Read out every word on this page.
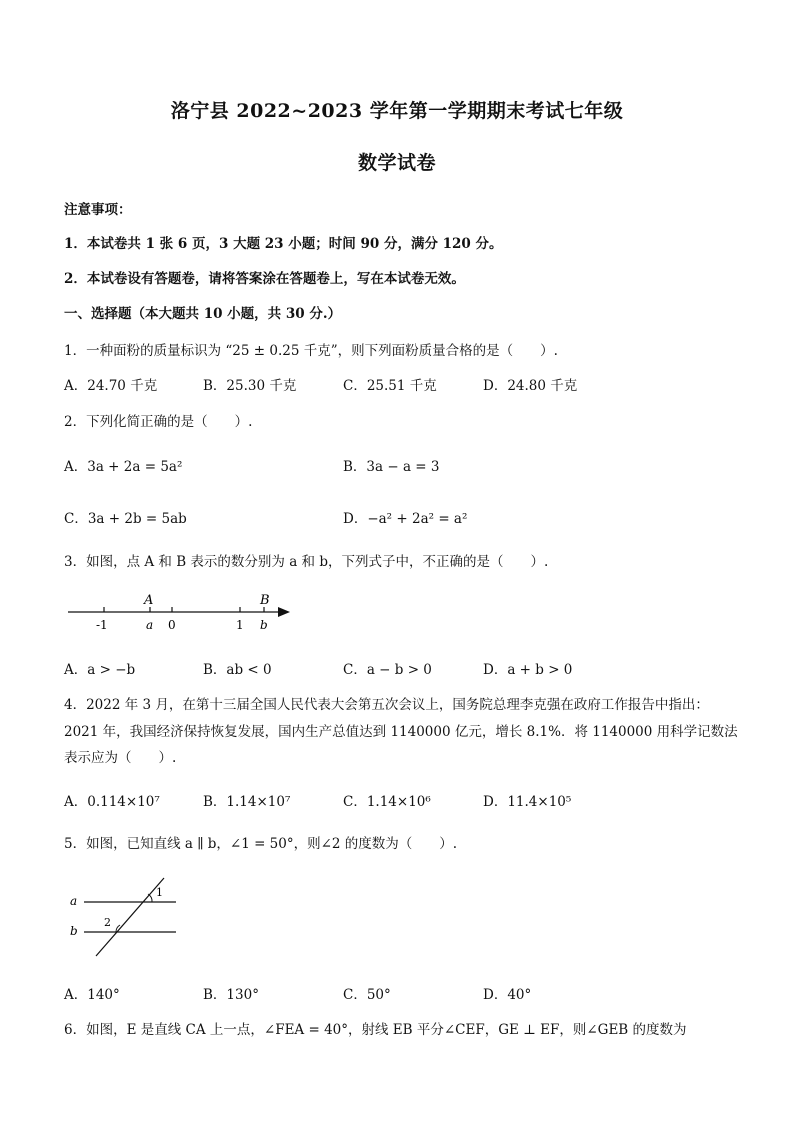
洛宁县 2022~2023 学年第一学期期末考试七年级
数学试卷
注意事项：
1．本试卷共 1 张 6 页，3 大题 23 小题；时间 90 分，满分 120 分。
2．本试卷设有答题卷，请将答案涂在答题卷上，写在本试卷无效。
一、选择题（本大题共 10 小题，共 30 分.）
1．一种面粉的质量标识为 “25 ± 0.25 千克”，则下列面粉质量合格的是（　　）.
A．24.70 千克	B．25.30 千克	C．25.51 千克	D．24.80 千克
2．下列化简正确的是（　　）.
A．3a + 2a = 5a²	B．3a − a = 3
C．3a + 2b = 5ab	D．−a² + 2a² = a²
3．如图，点 A 和 B 表示的数分别为 a 和 b，下列式子中，不正确的是（　　）.
A	B
-1	a 0	1 b
A．a > −b	B．ab < 0	C．a − b > 0	D．a + b > 0
4．2022 年 3 月，在第十三届全国人民代表大会第五次会议上，国务院总理李克强在政府工作报告中指出：
2021 年，我国经济保持恢复发展，国内生产总值达到 1140000 亿元，增长 8.1%．将 1140000 用科学记数法
表示应为（　　）.
A．0.114×10⁷	B．1.14×10⁷	C．1.14×10⁶	D．11.4×10⁵
5．如图，已知直线 a ∥ b，∠1 = 50°，则∠2 的度数为（　　）.
a
b
1
2
A．140°	B．130°	C．50°	D．40°
6．如图，E 是直线 CA 上一点，∠FEA = 40°，射线 EB 平分∠CEF，GE ⊥ EF，则∠GEB 的度数为
